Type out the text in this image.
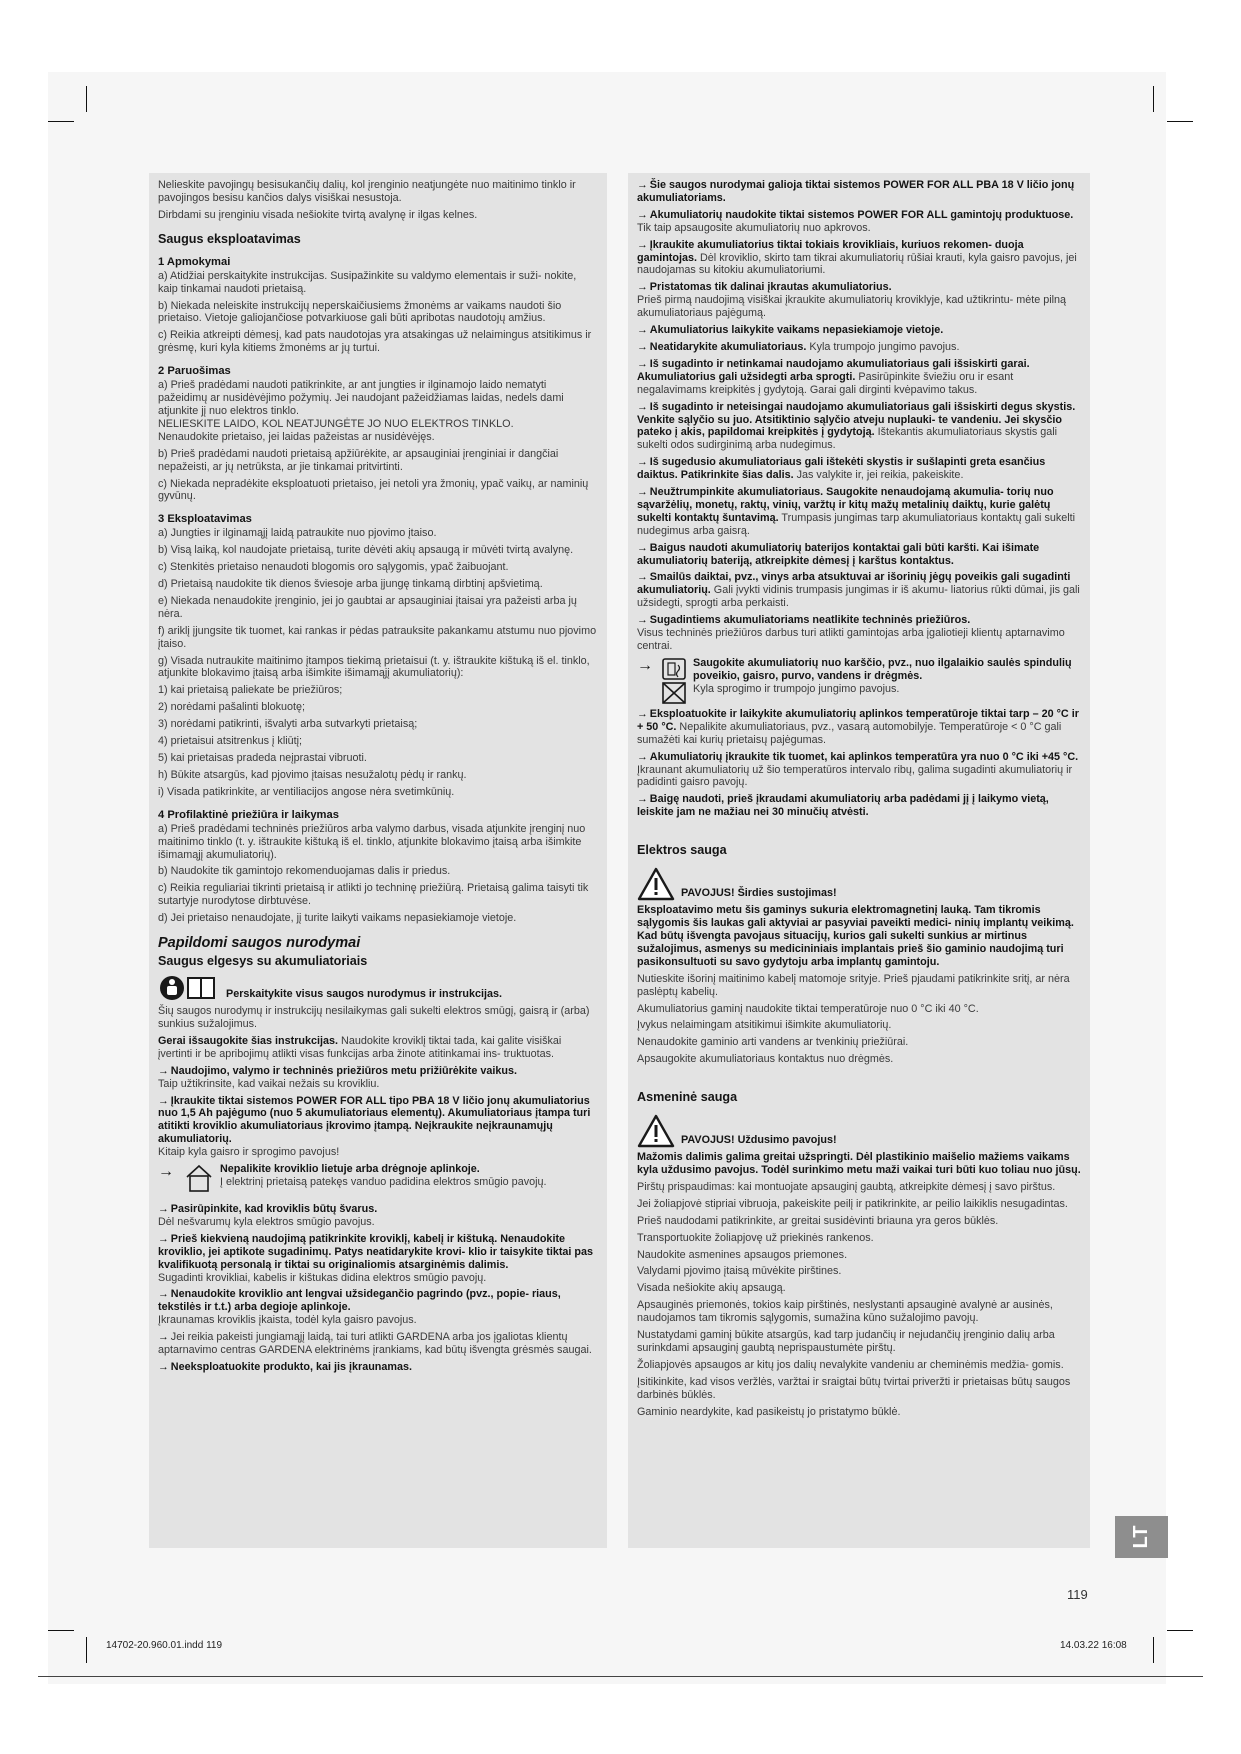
Nelieskite pavojingų besisukančių dalių, kol įrenginio neatjungėte nuo maitinimo tinklo ir pavojingos besisu kančios dalys visiškai nesustoja.

Dirbdami su įrenginiu visada nešiokite tvirtą avalynę ir ilgas kelnes.

Saugus eksploatavimas
1 Apmokymai

a) Atidžiai perskaitykite instrukcijas. Susipažinkite su valdymo elementais ir suži- nokite, kaip tinkamai naudoti prietaisą.

b) Niekada neleiskite instrukcijų neperskaičiusiems žmonėms ar vaikams naudoti šio prietaiso. Vietoje galiojančiose potvarkiuose gali būti apribotas naudotojų amžius.

c) Reikia atkreipti dėmesį, kad pats naudotojas yra atsakingas už nelaimingus atsitikimus ir grėsmę, kuri kyla kitiems žmonėms ar jų turtui.

2 Paruošimas

a) Prieš pradėdami naudoti patikrinkite, ar ant jungties ir ilginamojo laido nematyti pažeidimų ar nusidėvėjimo požymių. Jei naudojant pažeidžiamas laidas, nedels dami atjunkite jį nuo elektros tinklo.

NELIESKITE LAIDO, KOL NEATJUNGĖTE JO NUO ELEKTROS TINKLO.

Nenaudokite prietaiso, jei laidas pažeistas ar nusidėvėjęs.

b) Prieš pradėdami naudoti prietaisą apžiūrėkite, ar apsauginiai įrenginiai ir dangčiai nepažeisti, ar jų netrūksta, ar jie tinkamai pritvirtinti.

c) Niekada nepradėkite eksploatuoti prietaiso, jei netoli yra žmonių, ypač vaikų, ar naminių gyvūnų.

3 Eksploatavimas

a) Jungties ir ilginamąjį laidą patraukite nuo pjovimo įtaiso.

b) Visą laiką, kol naudojate prietaisą, turite dėvėti akių apsaugą ir mūvėti tvirtą avalynę.

c) Stenkitės prietaiso nenaudoti blogomis oro sąlygomis, ypač žaibuojant.

d) Prietaisą naudokite tik dienos šviesoje arba įjungę tinkamą dirbtinį apšvietimą.

e) Niekada nenaudokite įrenginio, jei jo gaubtai ar apsauginiai įtaisai yra pažeisti arba jų nėra.

f) ariklį įjungsite tik tuomet, kai rankas ir pėdas patrauksite pakankamu atstumu nuo pjovimo įtaiso.

g) Visada nutraukite maitinimo įtampos tiekimą prietaisui (t. y. ištraukite kištuką iš el. tinklo, atjunkite blokavimo įtaisą arba išimkite išimamąjį akumuliatorių):

1) kai prietaisą paliekate be priežiūros;

2) norėdami pašalinti blokuotę;

3) norėdami patikrinti, išvalyti arba sutvarkyti prietaisą;

4) prietaisui atsitrenkus į kliūtį;

5) kai prietaisas pradeda neįprastai vibruoti.

h) Būkite atsargūs, kad pjovimo įtaisas nesužalotų pėdų ir rankų.

i) Visada patikrinkite, ar ventiliacijos angose nėra svetimkūnių.

4 Profilaktinė priežiūra ir laikymas

a) Prieš pradėdami techninės priežiūros arba valymo darbus, visada atjunkite įrenginį nuo maitinimo tinklo (t. y. ištraukite kištuką iš el. tinklo, atjunkite blokavimo įtaisą arba išimkite išimamąjį akumuliatorių).

b) Naudokite tik gamintojo rekomenduojamas dalis ir priedus.

c) Reikia reguliariai tikrinti prietaisą ir atlikti jo techninę priežiūrą. Prietaisą galima taisyti tik sutartyje nurodytose dirbtuvėse.

d) Jei prietaiso nenaudojate, jį turite laikyti vaikams nepasiekiamoje vietoje.

Papildomi saugos nurodymai
Saugus elgesys su akumuliatoriais
Perskaitykite visus saugos nurodymus ir instrukcijas.

Šių saugos nurodymų ir instrukcijų nesilaikymas gali sukelti elektros smūgį, gaisrą ir (arba) sunkius sužalojimus.

Gerai išsaugokite šias instrukcijas. Naudokite kroviklį tiktai tada, kai galite visiškai įvertinti ir be apribojimų atlikti visas funkcijas arba žinote atitinkamai ins- truktuotas.

→ Naudojimo, valymo ir techninės priežiūros metu prižiūrėkite vaikus.
Taip užtikrinsite, kad vaikai nežais su krovikliu.
→ Įkraukite tiktai sistemos POWER FOR ALL tipo PBA 18 V ličio jonų akumuliatorius nuo 1,5 Ah pajėgumo (nuo 5 akumuliatoriaus elementų). Akumuliatoriaus įtampa turi atitikti kroviklio akumuliatoriaus įkrovimo įtampą. Neįkraukite neįkraunamųjų akumuliatorių.
Kitaip kyla gaisro ir sprogimo pavojus!
→	Nepalikite kroviklio lietuje arba drėgnoje aplinkoje.
Į elektrinį prietaisą patekęs vanduo padidina elektros smūgio pavojų.
→ Pasirūpinkite, kad kroviklis būtų švarus.
Dėl nešvarumų kyla elektros smūgio pavojus.
→ Prieš kiekvieną naudojimą patikrinkite kroviklį, kabelį ir kištuką. Nenaudokite kroviklio, jei aptikote sugadinimų. Patys neatidarykite krovi- klio ir taisykite tiktai pas kvalifikuotą personalą ir tiktai su originaliomis atsarginėmis dalimis.
Sugadinti krovikliai, kabelis ir kištukas didina elektros smūgio pavojų.
→ Nenaudokite kroviklio ant lengvai užsidegančio pagrindo (pvz., popie- riaus, tekstilės ir t.t.) arba degioje aplinkoje.
Įkraunamas kroviklis įkaista, todėl kyla gaisro pavojus.
→ Jei reikia pakeisti jungiamąjį laidą, tai turi atlikti GARDENA arba jos įgaliotas klientų aptarnavimo centras GARDENA elektrinėms įrankiams, kad būtų išvengta grėsmės saugai.
→ Neeksploatuokite produkto, kai jis įkraunamas.
→ Šie saugos nurodymai galioja tiktai sistemos POWER FOR ALL PBA 18 V ličio jonų akumuliatoriams.
→ Akumuliatorių naudokite tiktai sistemos POWER FOR ALL gamintojų produktuose. Tik taip apsaugosite akumuliatorių nuo apkrovos.
→ Įkraukite akumuliatorius tiktai tokiais krovikliais, kuriuos rekomen- duoja gamintojas. Dėl kroviklio, skirto tam tikrai akumuliatorių rūšiai krauti, kyla gaisro pavojus, jei naudojamas su kitokiu akumuliatoriumi.
→ Pristatomas tik dalinai įkrautas akumuliatorius.
Prieš pirmą naudojimą visiškai įkraukite akumuliatorių kroviklyje, kad užtikrintu- mėte pilną akumuliatoriaus pajėgumą.
→ Akumuliatorius laikykite vaikams nepasiekiamoje vietoje.
→ Neatidarykite akumuliatoriaus. Kyla trumpojo jungimo pavojus.
→ Iš sugadinto ir netinkamai naudojamo akumuliatoriaus gali išsiskirti garai. Akumuliatorius gali užsidegti arba sprogti. Pasirūpinkite šviežiu oru ir esant negalavimams kreipkitės į gydytoją. Garai gali dirginti kvėpavimo takus.
→ Iš sugadinto ir neteisingai naudojamo akumuliatoriaus gali išsiskirti degus skystis. Venkite sąlyčio su juo. Atsitiktinio sąlyčio atveju nuplauki- te vandeniu. Jei skysčio pateko į akis, papildomai kreipkitės į gydytoją. Ištekantis akumuliatoriaus skystis gali sukelti odos sudirginimą arba nudegimus.
→ Iš sugedusio akumuliatoriaus gali ištekėti skystis ir sušlapinti greta esančius daiktus. Patikrinkite šias dalis. Jas valykite ir, jei reikia, pakeiskite.
→ Neužtrumpinkite akumuliatoriaus. Saugokite nenaudojamą akumulia- torių nuo sąvaržėlių, monetų, raktų, vinių, varžtų ir kitų mažų metalinių daiktų, kurie galėtų sukelti kontaktų šuntavimą. Trumpasis jungimas tarp akumuliatoriaus kontaktų gali sukelti nudegimus arba gaisrą.
→ Baigus naudoti akumuliatorių baterijos kontaktai gali būti karšti. Kai išimate akumuliatorių bateriją, atkreipkite dėmesį į karštus kontaktus.
→ Smailūs daiktai, pvz., vinys arba atsuktuvai ar išorinių jėgų poveikis gali sugadinti akumuliatorių. Gali įvykti vidinis trumpasis jungimas ir iš akumu- liatorius rūkti dūmai, jis gali užsidegti, sprogti arba perkaisti.
→ Sugadintiems akumuliatoriams neatlikite techninės priežiūros.
Visus techninės priežiūros darbus turi atlikti gamintojas arba įgaliotieji klientų aptarnavimo centrai.
→	Saugokite akumuliatorių nuo karščio, pvz., nuo ilgalaikio saulės spindulių poveikio, gaisro, purvo, vandens ir drėgmės.
Kyla sprogimo ir trumpojo jungimo pavojus.
→ Eksploatuokite ir laikykite akumuliatorių aplinkos temperatūroje tiktai tarp – 20 °C ir + 50 °C. Nepalikite akumuliatoriaus, pvz., vasarą automobilyje. Temperatūroje < 0 °C gali sumažėti kai kurių prietaisų pajėgumas.
→ Akumuliatorių įkraukite tik tuomet, kai aplinkos temperatūra yra nuo 0 °C iki +45 °C. Įkraunant akumuliatorių už šio temperatūros intervalo ribų, galima sugadinti akumuliatorių ir padidinti gaisro pavojų.
→ Baigę naudoti, prieš įkraudami akumuliatorių arba padėdami jį į laikymo vietą, leiskite jam ne mažiau nei 30 minučių atvėsti.
Elektros sauga
PAVOJUS! Širdies sustojimas!

Eksploatavimo metu šis gaminys sukuria elektromagnetinį lauką. Tam tikromis sąlygomis šis laukas gali aktyviai ar pasyviai paveikti medici- ninių implantų veikimą. Kad būtų išvengta pavojaus situacijų, kurios gali sukelti sunkius ar mirtinus sužalojimus, asmenys su medicininiais implantais prieš šio gaminio naudojimą turi pasikonsultuoti su savo gydytoju arba implantų gamintoju.

Nutieskite išorinį maitinimo kabelį matomoje srityje. Prieš pjaudami patikrinkite sritį, ar nėra paslėptų kabelių.

Akumuliatorius gaminį naudokite tiktai temperatūroje nuo 0 °C iki 40 °C.

Įvykus nelaimingam atsitikimui išimkite akumuliatorių.

Nenaudokite gaminio arti vandens ar tvenkinių priežiūrai.

Apsaugokite akumuliatoriaus kontaktus nuo drėgmės.

Asmeninė sauga
PAVOJUS! Uždusimo pavojus!

Mažomis dalimis galima greitai užspringti. Dėl plastikinio maišelio mažiems vaikams kyla uždusimo pavojus. Todėl surinkimo metu maži vaikai turi būti kuo toliau nuo jūsų.

Pirštų prispaudimas: kai montuojate apsauginį gaubtą, atkreipkite dėmesį į savo pirštus.

Jei žoliapjovė stipriai vibruoja, pakeiskite peilį ir patikrinkite, ar peilio laikiklis nesugadintas.

Prieš naudodami patikrinkite, ar greitai susidėvinti briauna yra geros būklės.

Transportuokite žoliapjovę už priekinės rankenos.

Naudokite asmenines apsaugos priemones.

Valydami pjovimo įtaisą mūvėkite pirštines.

Visada nešiokite akių apsaugą.

Apsauginės priemonės, tokios kaip pirštinės, neslystanti apsauginė avalynė ar ausinės, naudojamos tam tikromis sąlygomis, sumažina kūno sužalojimo pavojų.

Nustatydami gaminį būkite atsargūs, kad tarp judančių ir nejudančių įrenginio dalių arba surinkdami apsauginį gaubtą neprispaustumėte pirštų.

Žoliapjovės apsaugos ar kitų jos dalių nevalykite vandeniu ar cheminėmis medžia- gomis.

Įsitikinkite, kad visos veržlės, varžtai ir sraigtai būtų tvirtai priveržti ir prietaisas būtų saugos darbinės būklės.

Gaminio neardykite, kad pasikeistų jo pristatymo būklė.

LT
119
14702-20.960.01.indd 119	14.03.22 16:08
